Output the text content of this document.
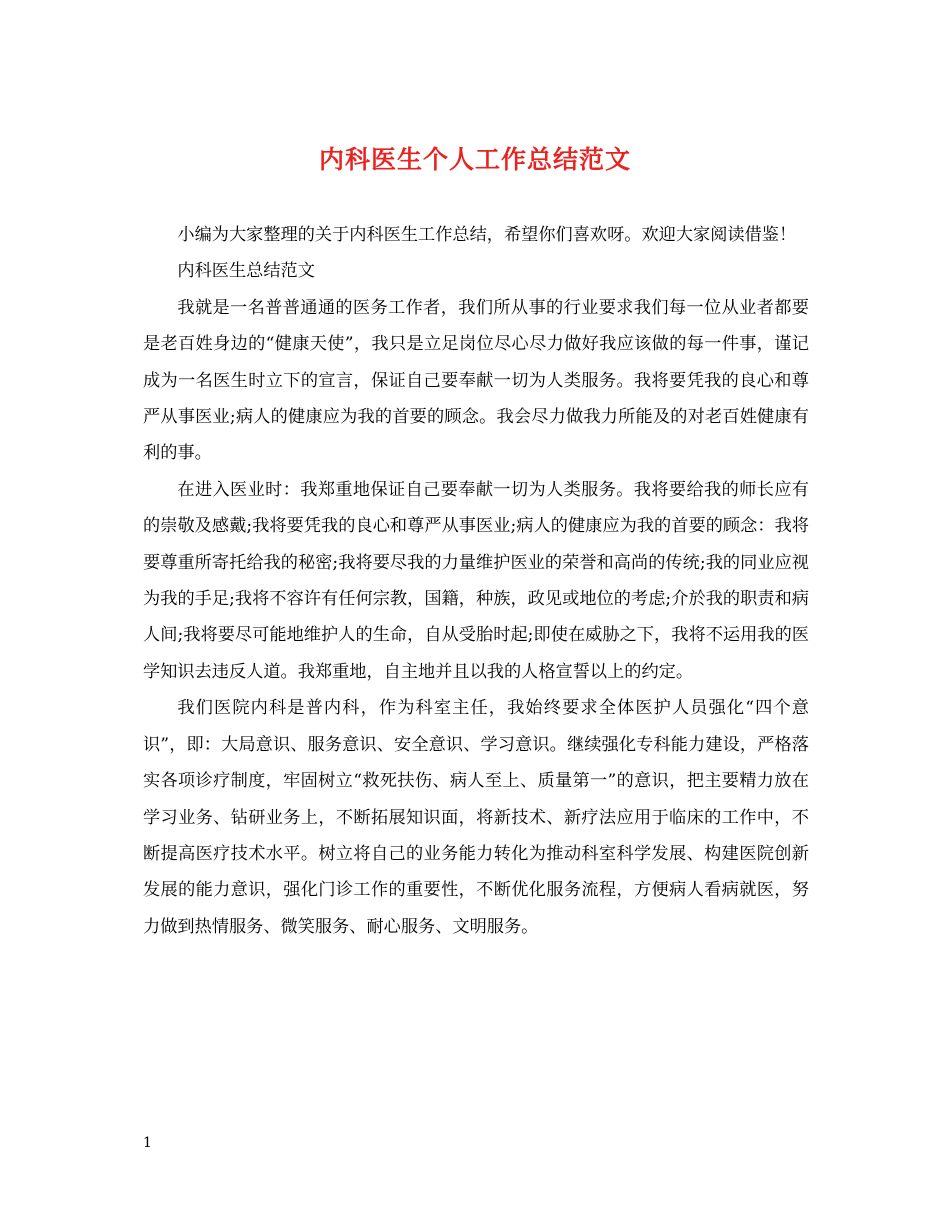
内科医生个人工作总结范文

小编为大家整理的关于内科医生工作总结，希望你们喜欢呀。欢迎大家阅读借鉴！

内科医生总结范文

我就是一名普普通通的医务工作者，我们所从事的行业要求我们每一位从业者都要是老百姓身边的“健康天使”，我只是立足岗位尽心尽力做好我应该做的每一件事，谨记成为一名医生时立下的宣言，保证自己要奉献一切为人类服务。我将要凭我的良心和尊严从事医业;病人的健康应为我的首要的顾念。我会尽力做我力所能及的对老百姓健康有利的事。

在进入医业时：我郑重地保证自己要奉献一切为人类服务。我将要给我的师长应有的崇敬及感戴;我将要凭我的良心和尊严从事医业;病人的健康应为我的首要的顾念：我将要尊重所寄托给我的秘密;我将要尽我的力量维护医业的荣誉和高尚的传统;我的同业应视为我的手足;我将不容许有任何宗教，国籍，种族，政见或地位的考虑;介於我的职责和病人间;我将要尽可能地维护人的生命，自从受胎时起;即使在威胁之下，我将不运用我的医学知识去违反人道。我郑重地，自主地并且以我的人格宣誓以上的约定。

我们医院内科是普内科，作为科室主任，我始终要求全体医护人员强化“四个意识”，即：大局意识、服务意识、安全意识、学习意识。继续强化专科能力建设，严格落实各项诊疗制度，牢固树立“救死扶伤、病人至上、质量第一”的意识，把主要精力放在学习业务、钻研业务上，不断拓展知识面，将新技术、新疗法应用于临床的工作中，不断提高医疗技术水平。树立将自己的业务能力转化为推动科室科学发展、构建医院创新发展的能力意识，强化门诊工作的重要性，不断优化服务流程，方便病人看病就医，努力做到热情服务、微笑服务、耐心服务、文明服务。

1
